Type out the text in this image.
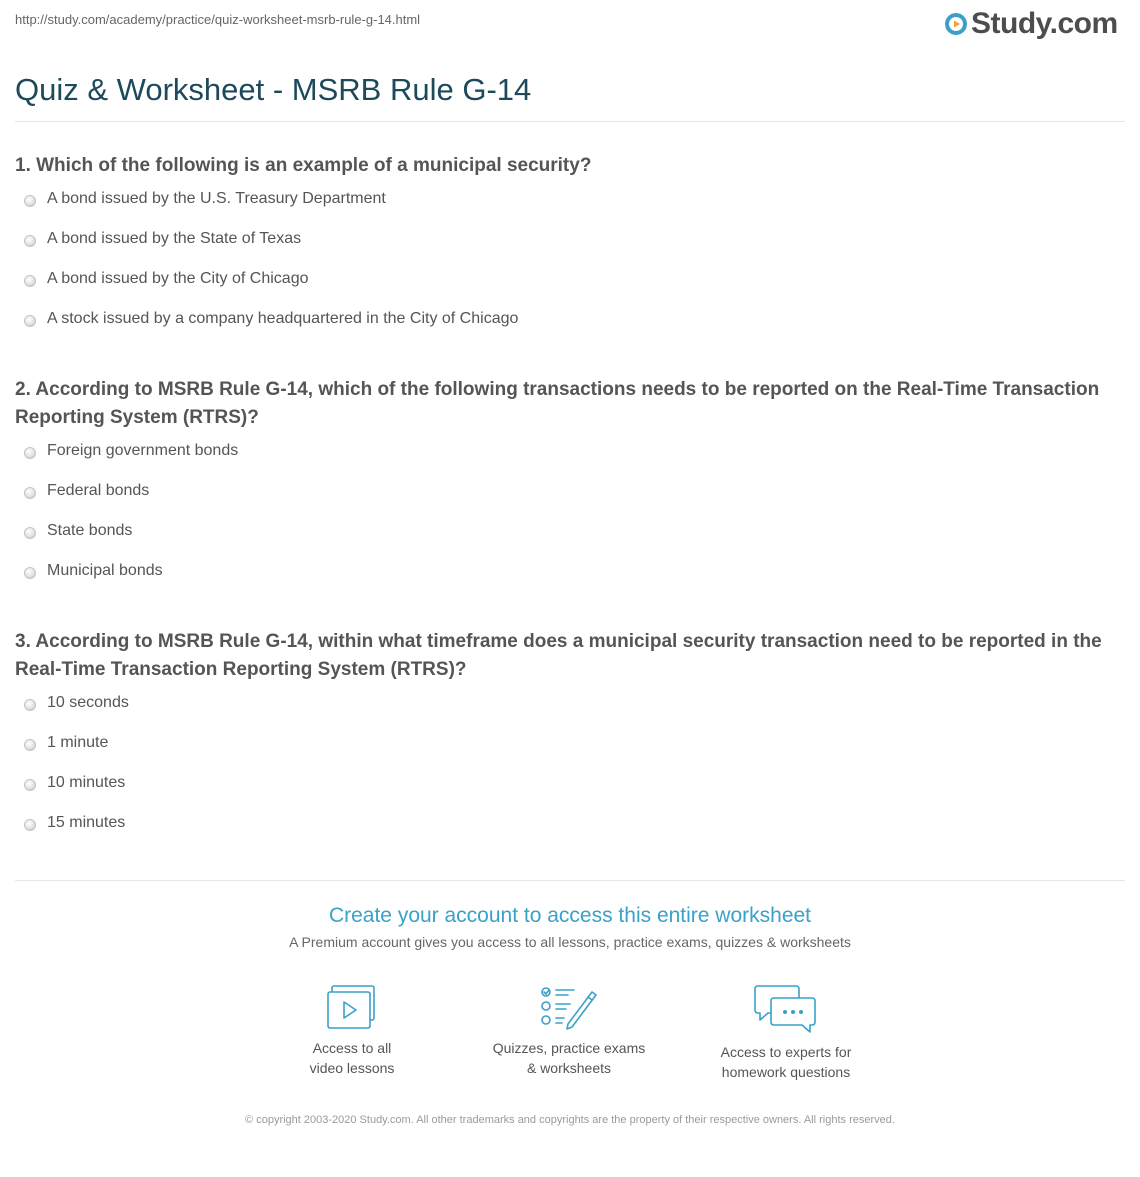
http://study.com/academy/practice/quiz-worksheet-msrb-rule-g-14.html	Study.com
Quiz & Worksheet - MSRB Rule G-14
1. Which of the following is an example of a municipal security?
A bond issued by the U.S. Treasury Department
A bond issued by the State of Texas
A bond issued by the City of Chicago
A stock issued by a company headquartered in the City of Chicago
2. According to MSRB Rule G-14, which of the following transactions needs to be reported on the Real-Time Transaction Reporting System (RTRS)?
Foreign government bonds
Federal bonds
State bonds
Municipal bonds
3. According to MSRB Rule G-14, within what timeframe does a municipal security transaction need to be reported in the Real-Time Transaction Reporting System (RTRS)?
10 seconds
1 minute
10 minutes
15 minutes
Create your account to access this entire worksheet
A Premium account gives you access to all lessons, practice exams, quizzes & worksheets
Access to all
video lessons
Quizzes, practice exams
& worksheets
Access to experts for
homework questions
© copyright 2003-2020 Study.com. All other trademarks and copyrights are the property of their respective owners. All rights reserved.
